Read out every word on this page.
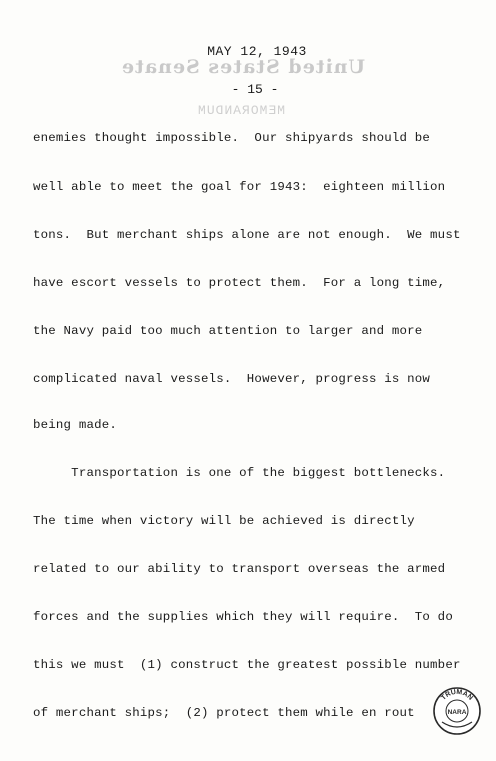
MAY 12, 1943
United States Senate
- 15 -
MEMORANDUM
enemies thought impossible.  Our shipyards should be
well able to meet the goal for 1943:  eighteen million
tons.  But merchant ships alone are not enough.  We must
have escort vessels to protect them.  For a long time,
the Navy paid too much attention to larger and more
complicated naval vessels.  However, progress is now
being made.
Transportation is one of the biggest bottlenecks.
The time when victory will be achieved is directly
related to our ability to transport overseas the armed
forces and the supplies which they will require.  To do
this we must  (1) construct the greatest possible number
of merchant ships;  (2) protect them while en rout
TRUMAN
NARA
